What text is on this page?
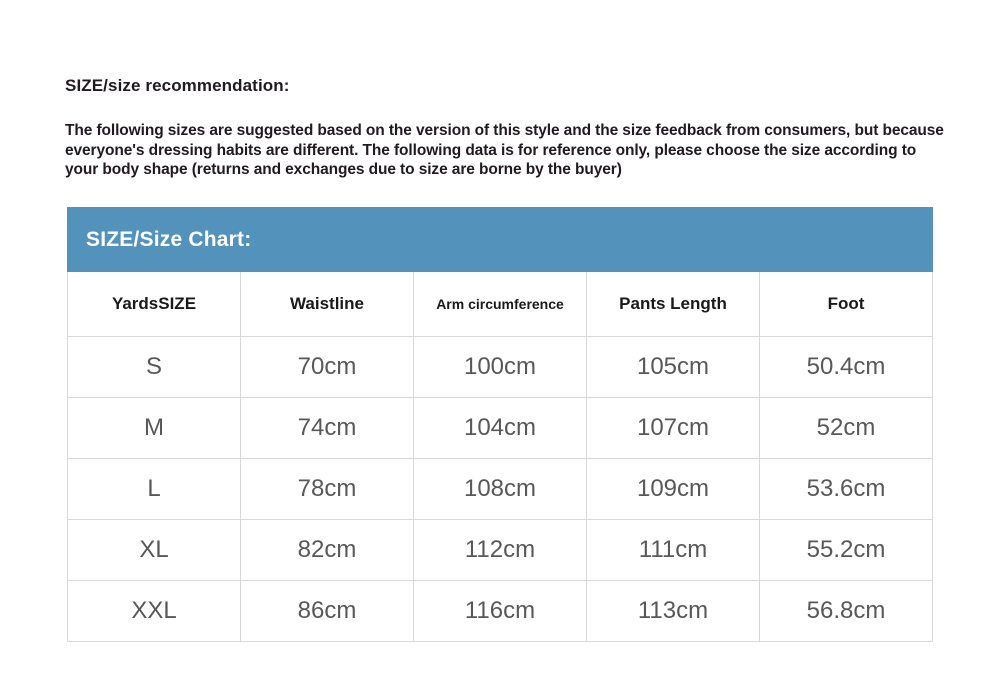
SIZE/size recommendation:
The following sizes are suggested based on the version of this style and the size feedback from consumers, but because everyone's dressing habits are different. The following data is for reference only, please choose the size according to your body shape (returns and exchanges due to size are borne by the buyer)
SIZE/Size Chart:
YardsSIZE	Waistline	Arm circumference	Pants Length	Foot
S	70cm	100cm	105cm	50.4cm
M	74cm	104cm	107cm	52cm
L	78cm	108cm	109cm	53.6cm
XL	82cm	112cm	111cm	55.2cm
XXL	86cm	116cm	113cm	56.8cm
